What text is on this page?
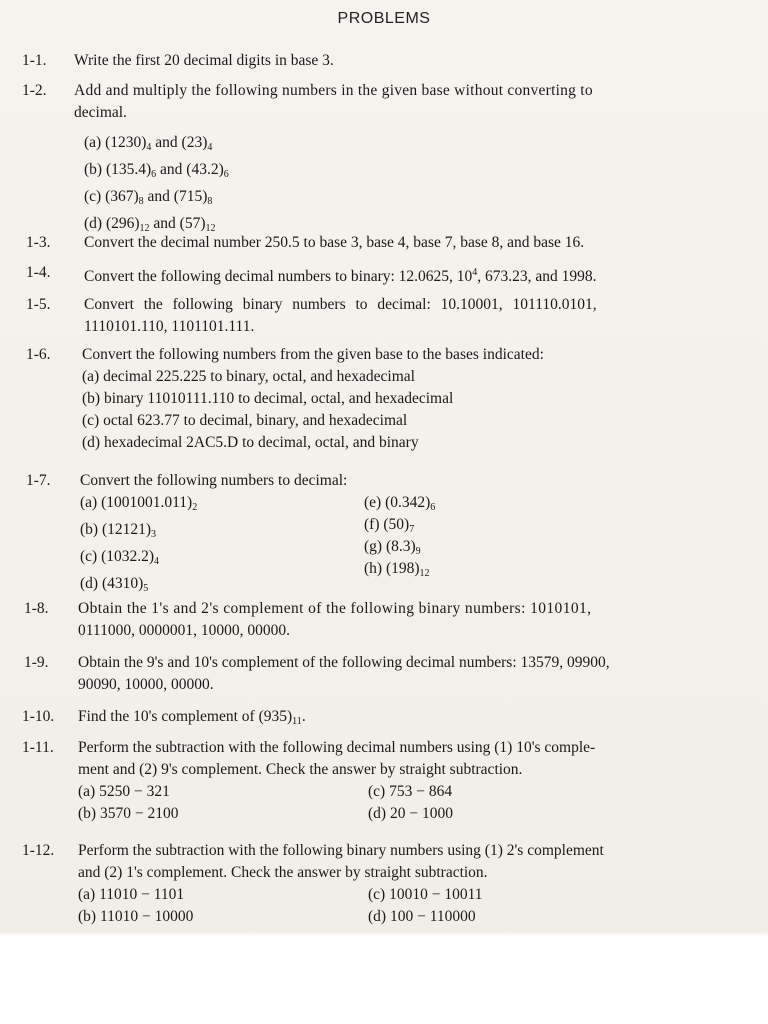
PROBLEMS
1-1. Write the first 20 decimal digits in base 3.
1-2. Add and multiply the following numbers in the given base without converting to
decimal.
(a) $(1230)_4$ and $(23)_4$
(b) $(135.4)_6$ and $(43.2)_6$
(c) $(367)_8$ and $(715)_8$
(d) $(296)_{12}$ and $(57)_{12}$
1-3. Convert the decimal number 250.5 to base 3, base 4, base 7, base 8, and base 16.
1-4. Convert the following decimal numbers to binary: 12.0625, $10^4$, 673.23, and 1998.
1-5. Convert the following binary numbers to decimal: 10.10001, 101110.0101,
1110101.110, 1101101.111.
1-6. Convert the following numbers from the given base to the bases indicated:
(a) decimal 225.225 to binary, octal, and hexadecimal
(b) binary 11010111.110 to decimal, octal, and hexadecimal
(c) octal 623.77 to decimal, binary, and hexadecimal
(d) hexadecimal 2AC5.D to decimal, octal, and binary
1-7. Convert the following numbers to decimal:
(a) $(1001001.011)_2$
(b) $(12121)_3$
(c) $(1032.2)_4$
(d) $(4310)_5$
(e) $(0.342)_6$
(f) $(50)_7$
(g) $(8.3)_9$
(h) $(198)_{12}$
1-8. Obtain the 1's and 2's complement of the following binary numbers: 1010101,
0111000, 0000001, 10000, 00000.
1-9. Obtain the 9's and 10's complement of the following decimal numbers: 13579, 09900,
90090, 10000, 00000.
1-10. Find the 10's complement of $(935)_{11}$.
1-11. Perform the subtraction with the following decimal numbers using (1) 10's comple-
ment and (2) 9's complement. Check the answer by straight subtraction.
(a) 5250 − 321
(b) 3570 − 2100
(c) 753 − 864
(d) 20 − 1000
1-12. Perform the subtraction with the following binary numbers using (1) 2's complement
and (2) 1's complement. Check the answer by straight subtraction.
(a) 11010 − 1101
(b) 11010 − 10000
(c) 10010 − 10011
(d) 100 − 110000
